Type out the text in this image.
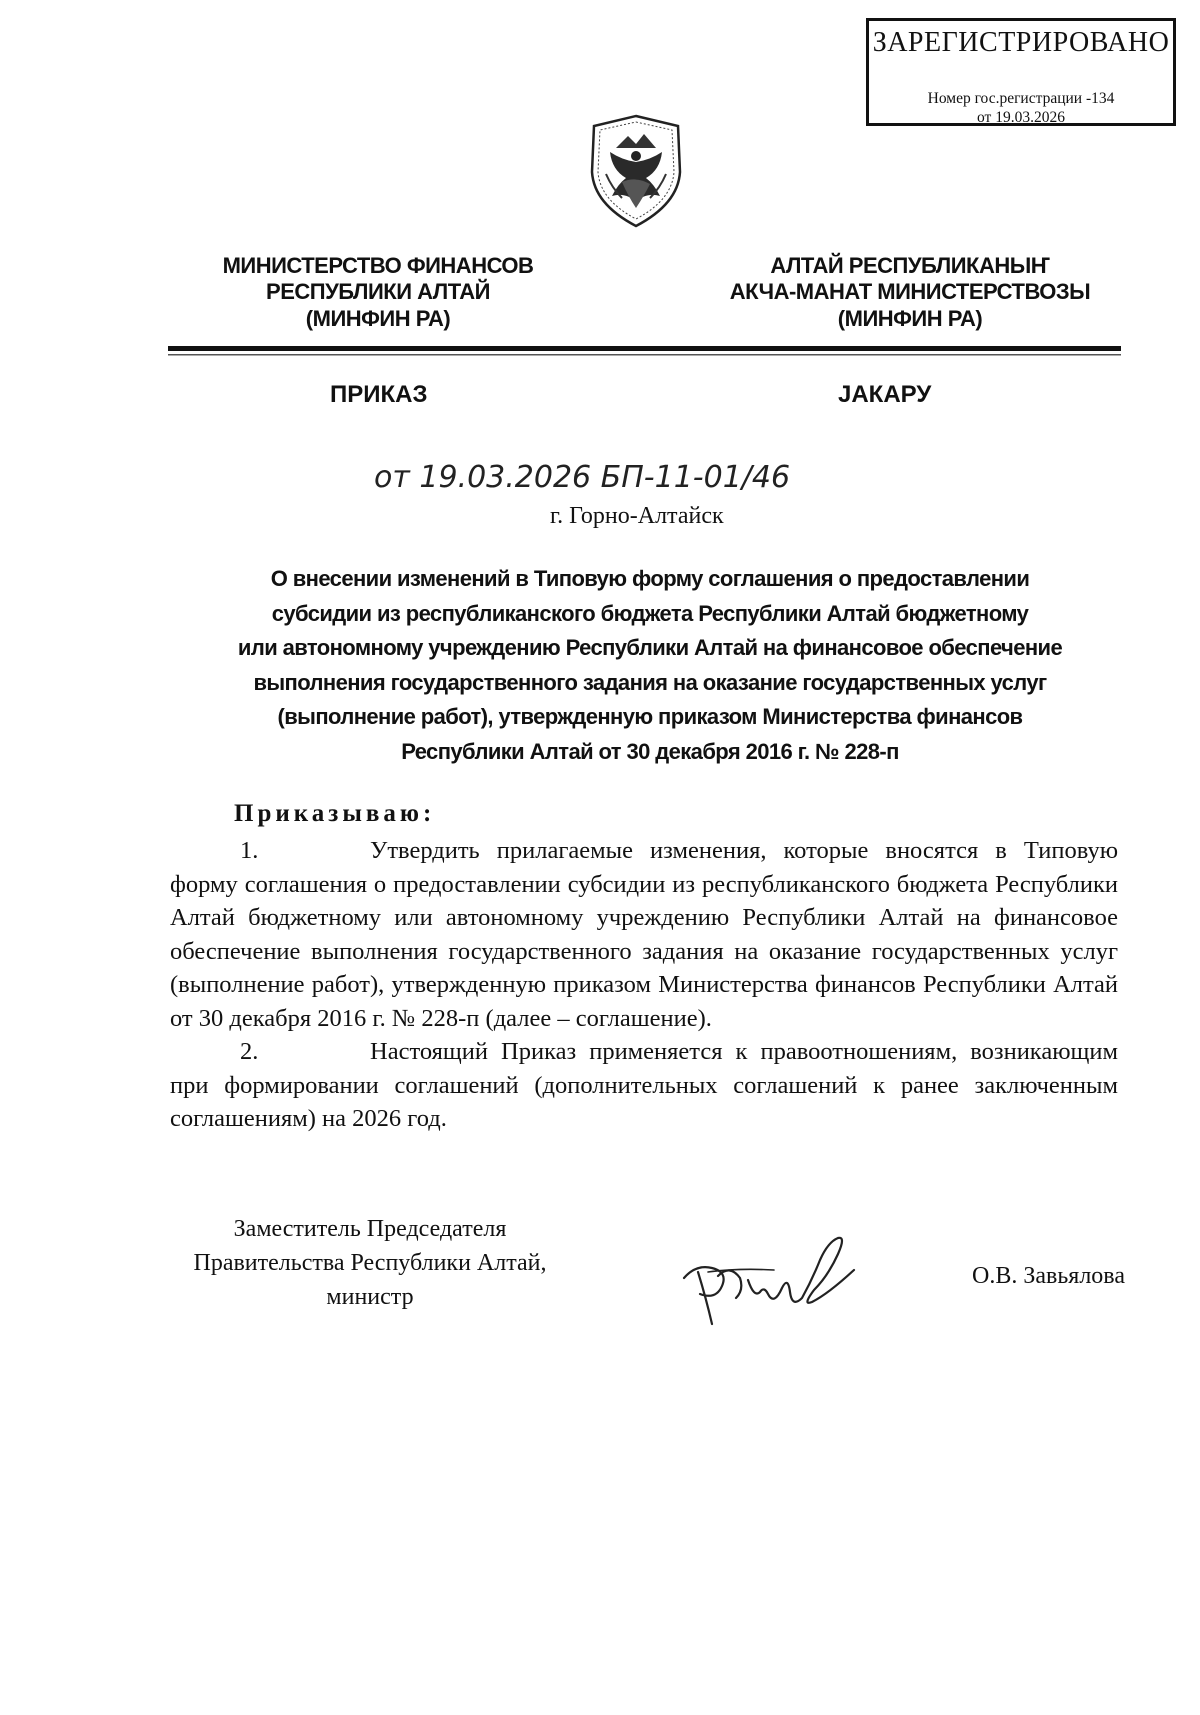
ЗАРЕГИСТРИРОВАНО
Номер гос.регистрации -134
от 19.03.2026
МИНИСТЕРСТВО ФИНАНСОВ
РЕСПУБЛИКИ АЛТАЙ
(МИНФИН РА)
АЛТАЙ РЕСПУБЛИКАНЫҤ
АКЧА-МАНАТ МИНИСТЕРСТВОЗЫ
(МИНФИН РА)
ПРИКАЗ	ЈАКАРУ
от 19.03.2026 БП-11-01/46
г. Горно-Алтайск
О внесении изменений в Типовую форму соглашения о предоставлении
субсидии из республиканского бюджета Республики Алтай бюджетному
или автономному учреждению Республики Алтай на финансовое обеспечение
выполнения государственного задания на оказание государственных услуг
(выполнение работ), утвержденную приказом Министерства финансов
Республики Алтай от 30 декабря 2016 г. № 228-п
Приказываю:

1.	Утвердить прилагаемые изменения, которые вносятся в Типовую форму соглашения о предоставлении субсидии из республиканского бюджета Республики Алтай бюджетному или автономному учреждению Республики Алтай на финансовое обеспечение выполнения государственного задания на оказание государственных услуг (выполнение работ), утвержденную приказом Министерства финансов Республики Алтай от 30 декабря 2016 г. № 228-п (далее – соглашение).

2.	Настоящий Приказ применяется к правоотношениям, возникающим при формировании соглашений (дополнительных соглашений к ранее заключенным соглашениям) на 2026 год.

Заместитель Председателя
Правительства Республики Алтай,
министр
О.В. Завьялова
